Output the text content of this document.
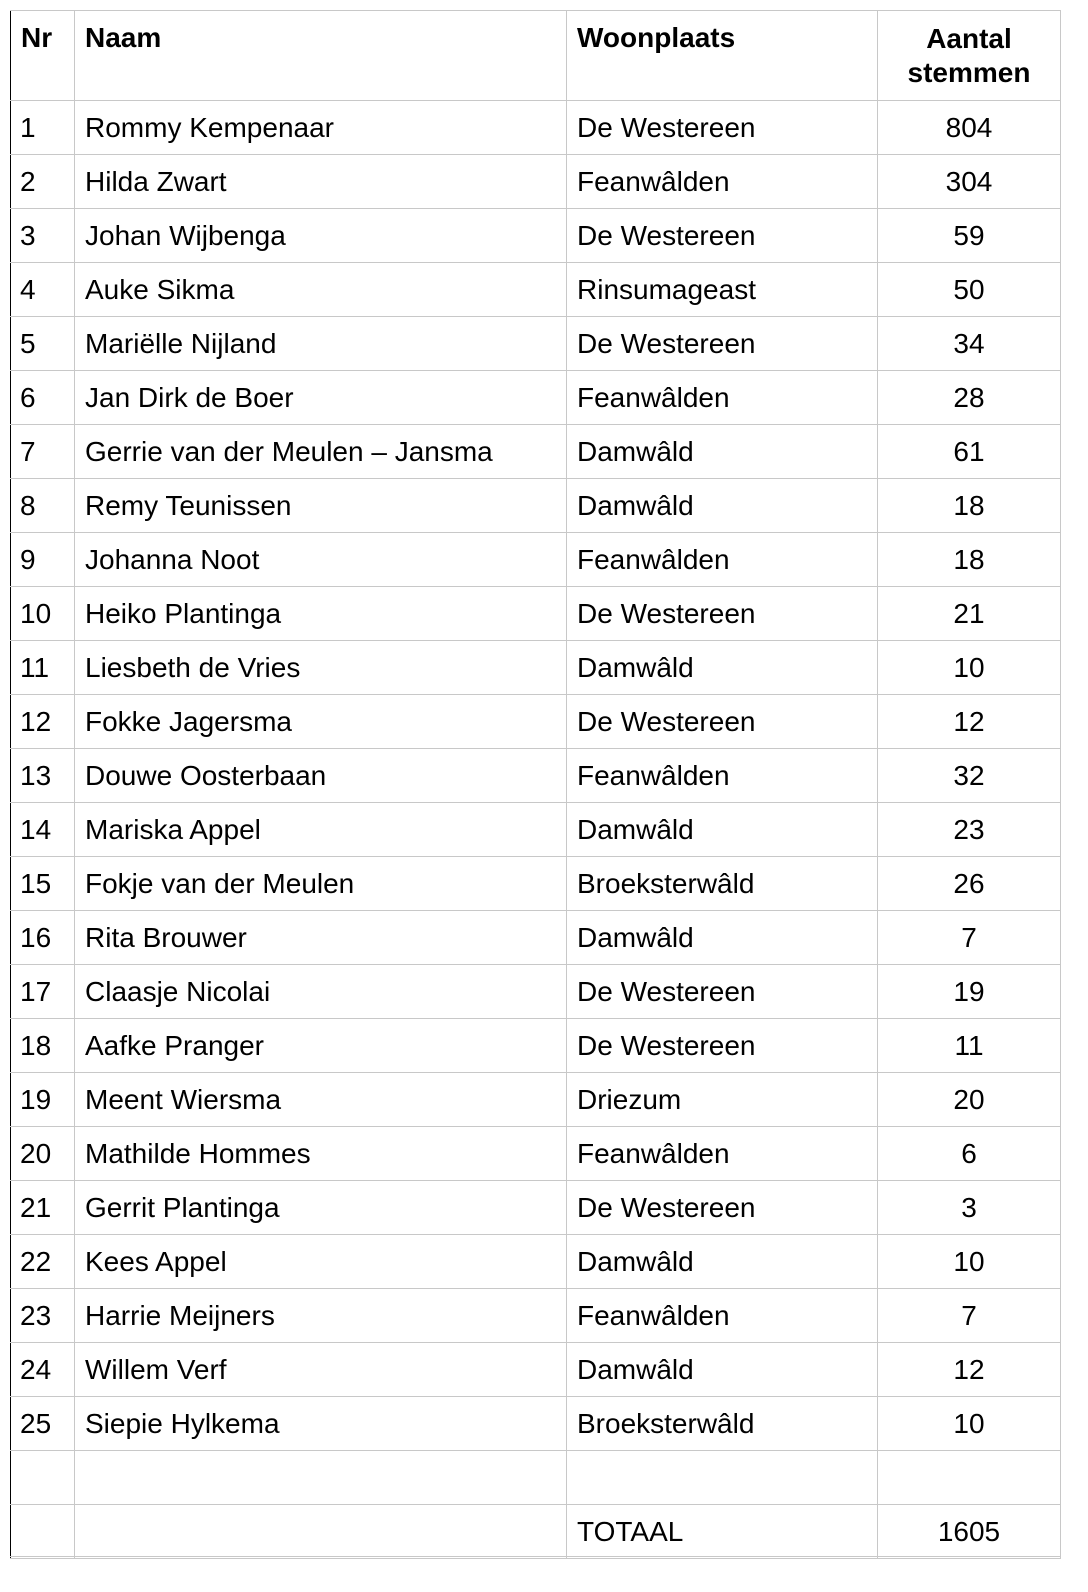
Nr	Naam	Woonplaats	Aantal
stemmen
1	Rommy Kempenaar	De Westereen	804
2	Hilda Zwart	Feanwâlden	304
3	Johan Wijbenga	De Westereen	59
4	Auke Sikma	Rinsumageast	50
5	Mariëlle Nijland	De Westereen	34
6	Jan Dirk de Boer	Feanwâlden	28
7	Gerrie van der Meulen – Jansma	Damwâld	61
8	Remy Teunissen	Damwâld	18
9	Johanna Noot	Feanwâlden	18
10	Heiko Plantinga	De Westereen	21
11	Liesbeth de Vries	Damwâld	10
12	Fokke Jagersma	De Westereen	12
13	Douwe Oosterbaan	Feanwâlden	32
14	Mariska Appel	Damwâld	23
15	Fokje van der Meulen	Broeksterwâld	26
16	Rita Brouwer	Damwâld	7
17	Claasje Nicolai	De Westereen	19
18	Aafke Pranger	De Westereen	11
19	Meent Wiersma	Driezum	20
20	Mathilde Hommes	Feanwâlden	6
21	Gerrit Plantinga	De Westereen	3
22	Kees Appel	Damwâld	10
23	Harrie Meijners	Feanwâlden	7
24	Willem Verf	Damwâld	12
25	Siepie Hylkema	Broeksterwâld	10

		TOTAAL	1605
